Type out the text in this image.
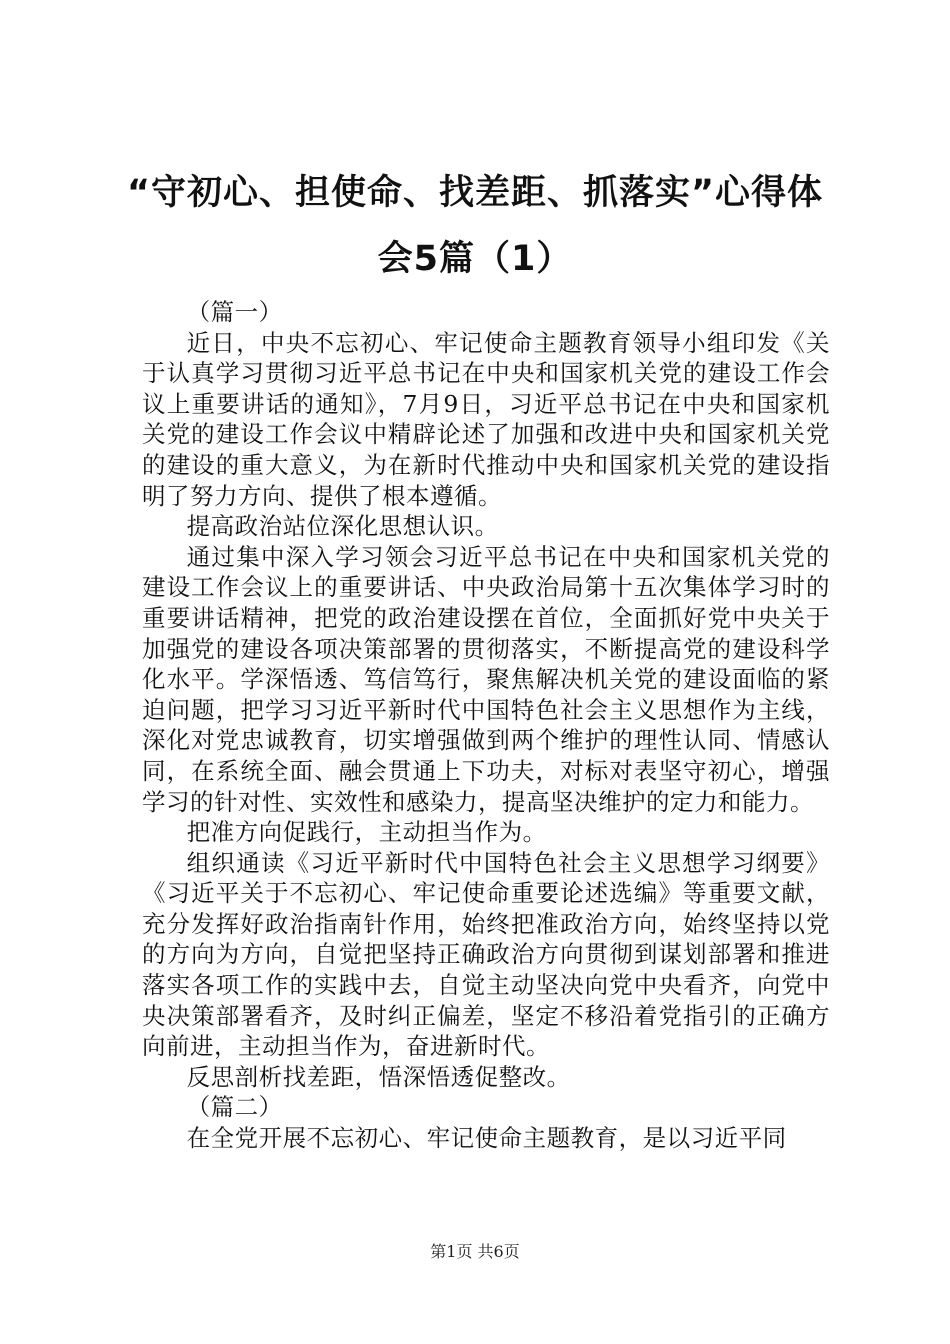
“守初心、担使命、找差距、抓落实”心得体会5篇（1）

（篇一）

近日，中央不忘初心、牢记使命主题教育领导小组印发《关于认真学习贯彻习近平总书记在中央和国家机关党的建设工作会议上重要讲话的通知》，7月9日，习近平总书记在中央和国家机关党的建设工作会议中精辟论述了加强和改进中央和国家机关党的建设的重大意义，为在新时代推动中央和国家机关党的建设指明了努力方向、提供了根本遵循。

提高政治站位深化思想认识。

通过集中深入学习领会习近平总书记在中央和国家机关党的建设工作会议上的重要讲话、中央政治局第十五次集体学习时的重要讲话精神，把党的政治建设摆在首位，全面抓好党中央关于加强党的建设各项决策部署的贯彻落实，不断提高党的建设科学化水平。学深悟透、笃信笃行，聚焦解决机关党的建设面临的紧迫问题，把学习习近平新时代中国特色社会主义思想作为主线，深化对党忠诚教育，切实增强做到两个维护的理性认同、情感认同，在系统全面、融会贯通上下功夫，对标对表坚守初心，增强学习的针对性、实效性和感染力，提高坚决维护的定力和能力。

把准方向促践行，主动担当作为。

组织通读《习近平新时代中国特色社会主义思想学习纲要》《习近平关于不忘初心、牢记使命重要论述选编》等重要文献，充分发挥好政治指南针作用，始终把准政治方向，始终坚持以党的方向为方向，自觉把坚持正确政治方向贯彻到谋划部署和推进落实各项工作的实践中去，自觉主动坚决向党中央看齐，向党中央决策部署看齐，及时纠正偏差，坚定不移沿着党指引的正确方向前进，主动担当作为，奋进新时代。

反思剖析找差距，悟深悟透促整改。

（篇二）

在全党开展不忘初心、牢记使命主题教育，是以习近平同

第1页 共6页
